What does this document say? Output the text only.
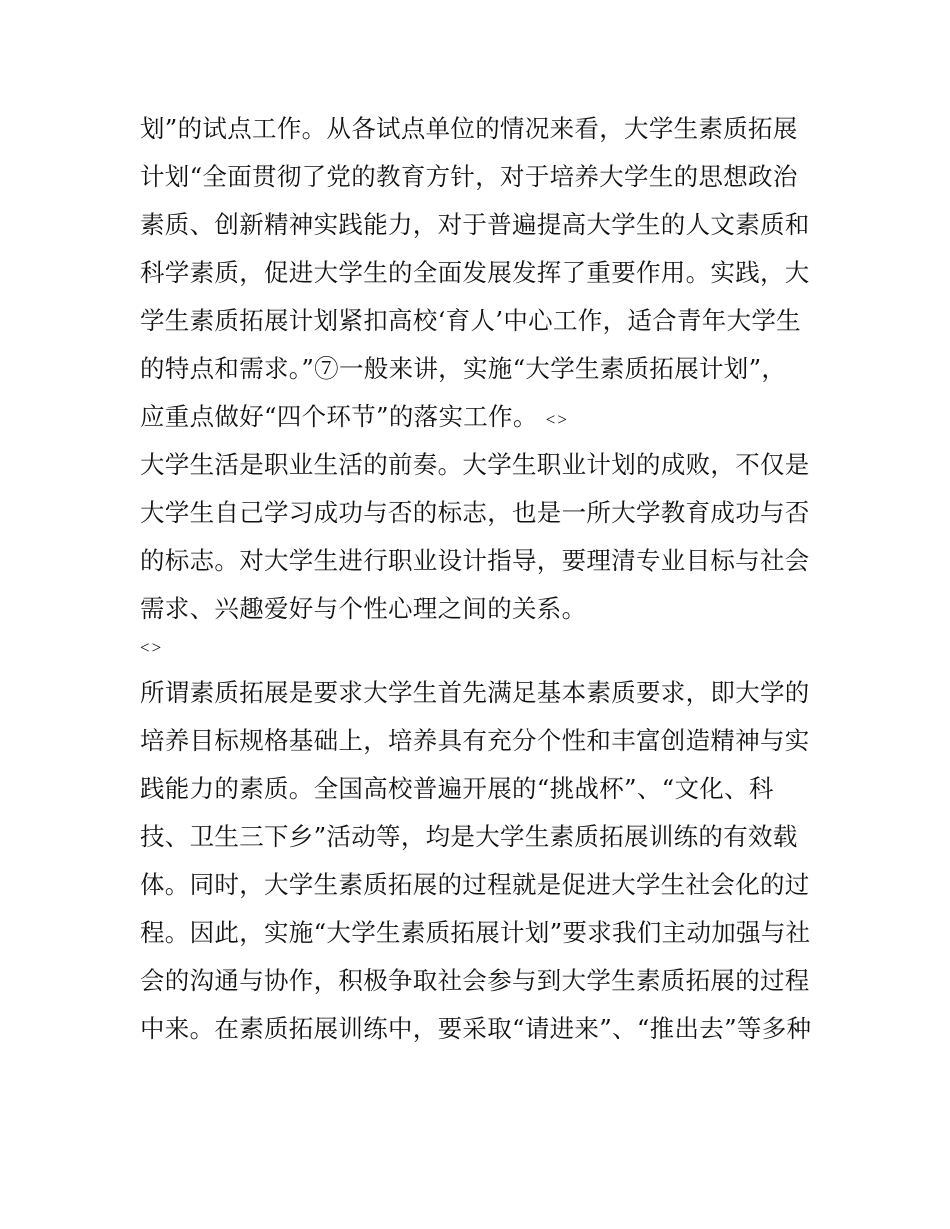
划”的试点工作。从各试点单位的情况来看，大学生素质拓展
计划“全面贯彻了党的教育方针，对于培养大学生的思想政治
素质、创新精神实践能力，对于普遍提高大学生的人文素质和
科学素质，促进大学生的全面发展发挥了重要作用。实践，大
学生素质拓展计划紧扣高校‘育人’中心工作，适合青年大学生
的特点和需求。”⑦一般来讲，实施“大学生素质拓展计划”，
应重点做好“四个环节”的落实工作。 <>
大学生活是职业生活的前奏。大学生职业计划的成败，不仅是
大学生自己学习成功与否的标志，也是一所大学教育成功与否
的标志。对大学生进行职业设计指导，要理清专业目标与社会
需求、兴趣爱好与个性心理之间的关系。
<>
所谓素质拓展是要求大学生首先满足基本素质要求，即大学的
培养目标规格基础上，培养具有充分个性和丰富创造精神与实
践能力的素质。全国高校普遍开展的“挑战杯”、“文化、科
技、卫生三下乡”活动等，均是大学生素质拓展训练的有效载
体。同时，大学生素质拓展的过程就是促进大学生社会化的过
程。因此，实施“大学生素质拓展计划”要求我们主动加强与社
会的沟通与协作，积极争取社会参与到大学生素质拓展的过程
中来。在素质拓展训练中，要采取“请进来”、“推出去”等多种
